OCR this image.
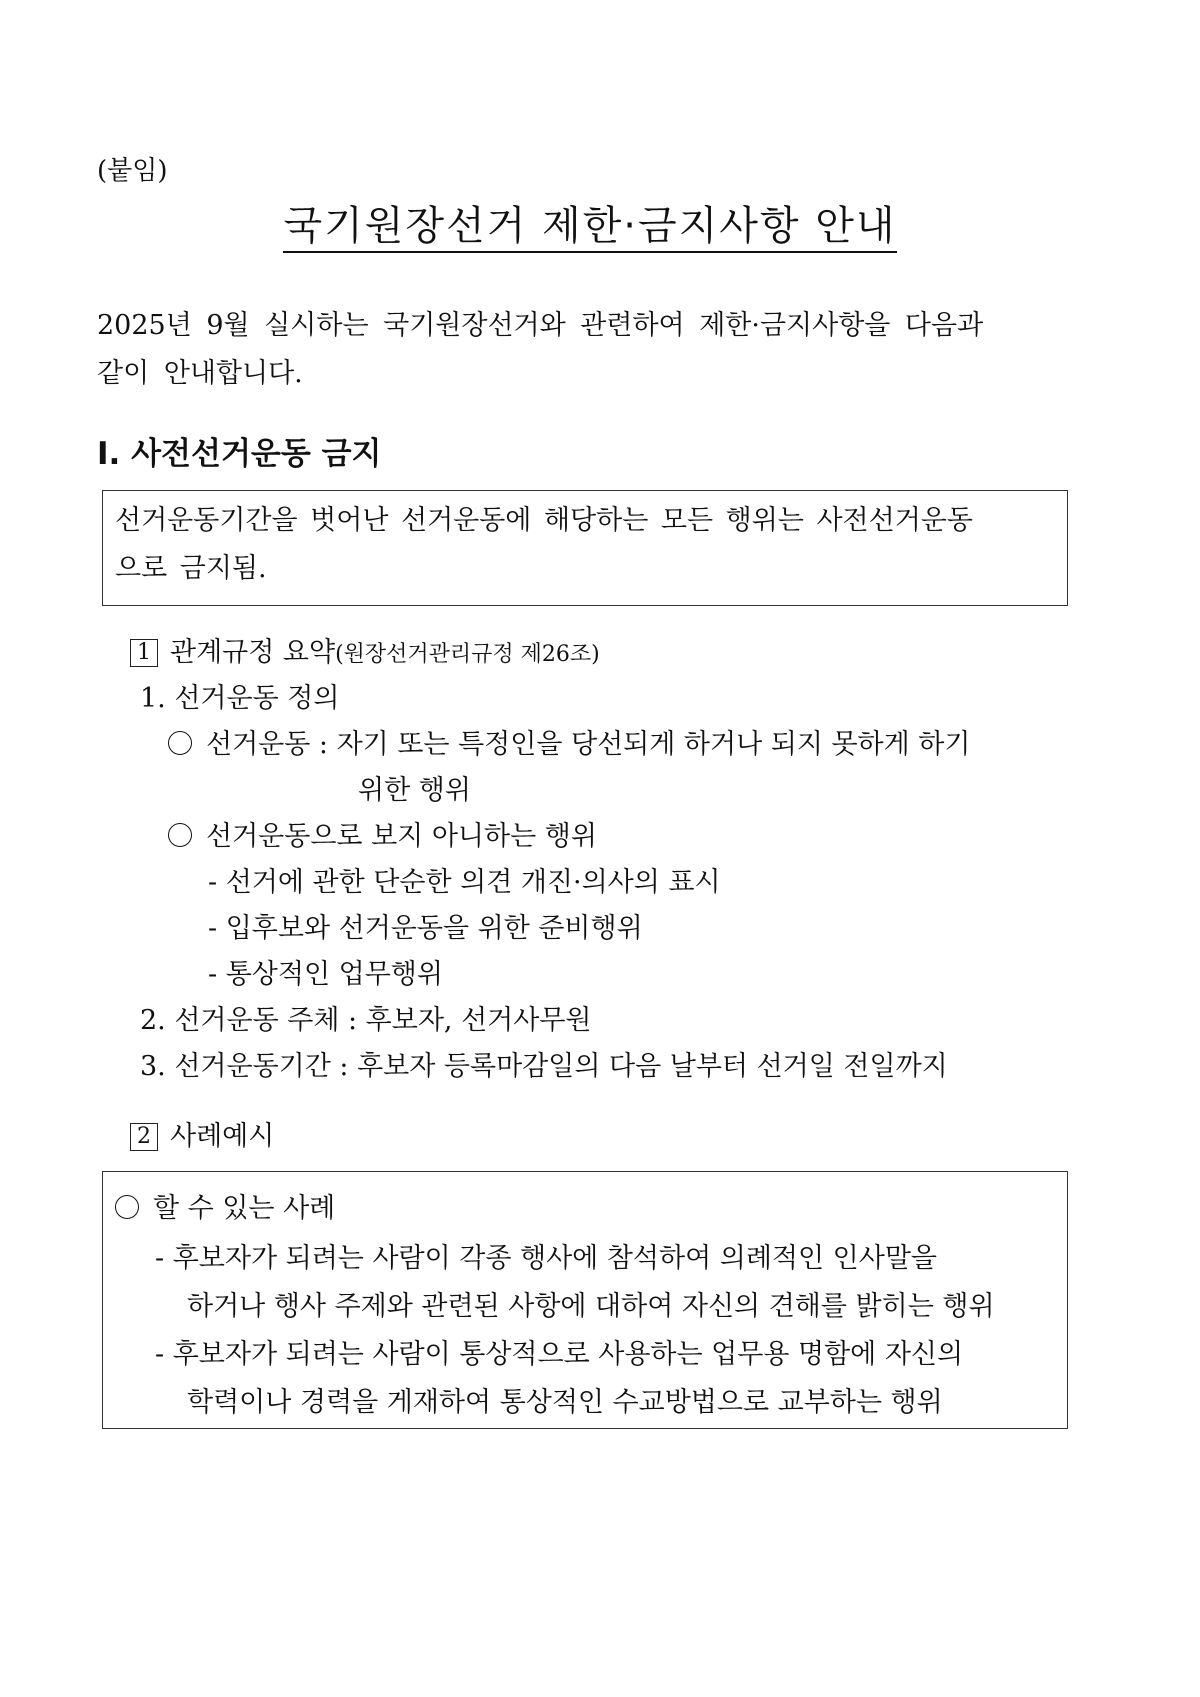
(붙임)
국기원장선거 제한·금지사항 안내
2025년 9월 실시하는 국기원장선거와 관련하여 제한·금지사항을 다음과
같이 안내합니다.
Ⅰ. 사전선거운동 금지
선거운동기간을 벗어난 선거운동에 해당하는 모든 행위는 사전선거운동
으로 금지됨.
1 관계규정 요약(원장선거관리규정 제26조)
1. 선거운동 정의
선거운동 : 자기 또는 특정인을 당선되게 하거나 되지 못하게 하기
위한 행위
선거운동으로 보지 아니하는 행위
- 선거에 관한 단순한 의견 개진·의사의 표시
- 입후보와 선거운동을 위한 준비행위
- 통상적인 업무행위
2. 선거운동 주체 : 후보자, 선거사무원
3. 선거운동기간 : 후보자 등록마감일의 다음 날부터 선거일 전일까지
2 사례예시
할 수 있는 사례
- 후보자가 되려는 사람이 각종 행사에 참석하여 의례적인 인사말을
하거나 행사 주제와 관련된 사항에 대하여 자신의 견해를 밝히는 행위
- 후보자가 되려는 사람이 통상적으로 사용하는 업무용 명함에 자신의
학력이나 경력을 게재하여 통상적인 수교방법으로 교부하는 행위
